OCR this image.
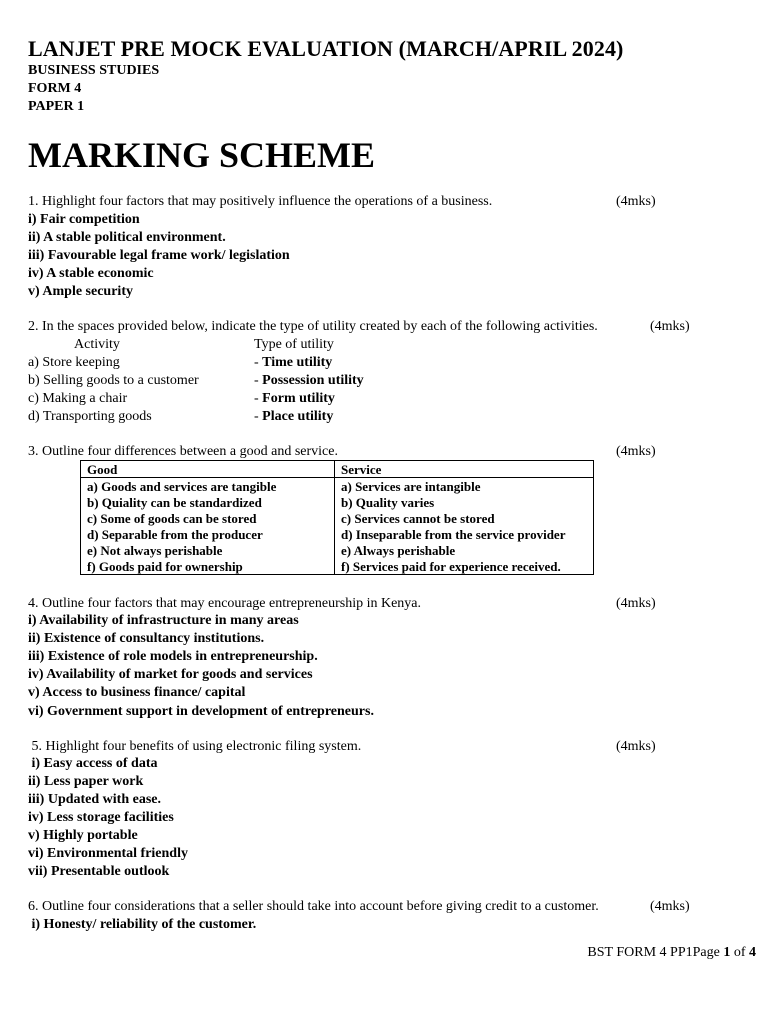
LANJET PRE MOCK EVALUATION (MARCH/APRIL 2024)
BUSINESS STUDIES
FORM 4
PAPER 1
MARKING SCHEME
1. Highlight four factors that may positively influence the operations of a business.	(4mks)
i) Fair competition
ii) A stable political environment.
iii) Favourable legal frame work/ legislation
iv) A stable economic
v) Ample security
2. In the spaces provided below, indicate the type of utility created by each of the following activities.	(4mks)
Activity	Type of utility
a) Store keeping	- Time utility
b) Selling goods to a customer	- Possession utility
c) Making a chair	- Form utility
d) Transporting goods	- Place utility
3. Outline four differences between a good and service.	(4mks)
Good	Service
a) Goods and services are tangible	a) Services are intangible
b) Quiality can be standardized	b) Quality varies
c) Some of goods can be stored	c) Services cannot be stored
d) Separable from the producer	d) Inseparable from the service provider
e) Not always perishable	e) Always perishable
f) Goods paid for ownership	f) Services paid for experience received.
4. Outline four factors that may encourage entrepreneurship in Kenya.	(4mks)
i) Availability of infrastructure in many areas
ii) Existence of consultancy institutions.
iii) Existence of role models in entrepreneurship.
iv) Availability of market for goods and services
v) Access to business finance/ capital
vi) Government support in development of entrepreneurs.
5. Highlight four benefits of using electronic filing system.	(4mks)
i) Easy access of data
ii) Less paper work
iii) Updated with ease.
iv) Less storage facilities
v) Highly portable
vi) Environmental friendly
vii) Presentable outlook
6. Outline four considerations that a seller should take into account before giving credit to a customer.	(4mks)
i) Honesty/ reliability of the customer.
BST FORM 4 PP1Page 1 of 4
